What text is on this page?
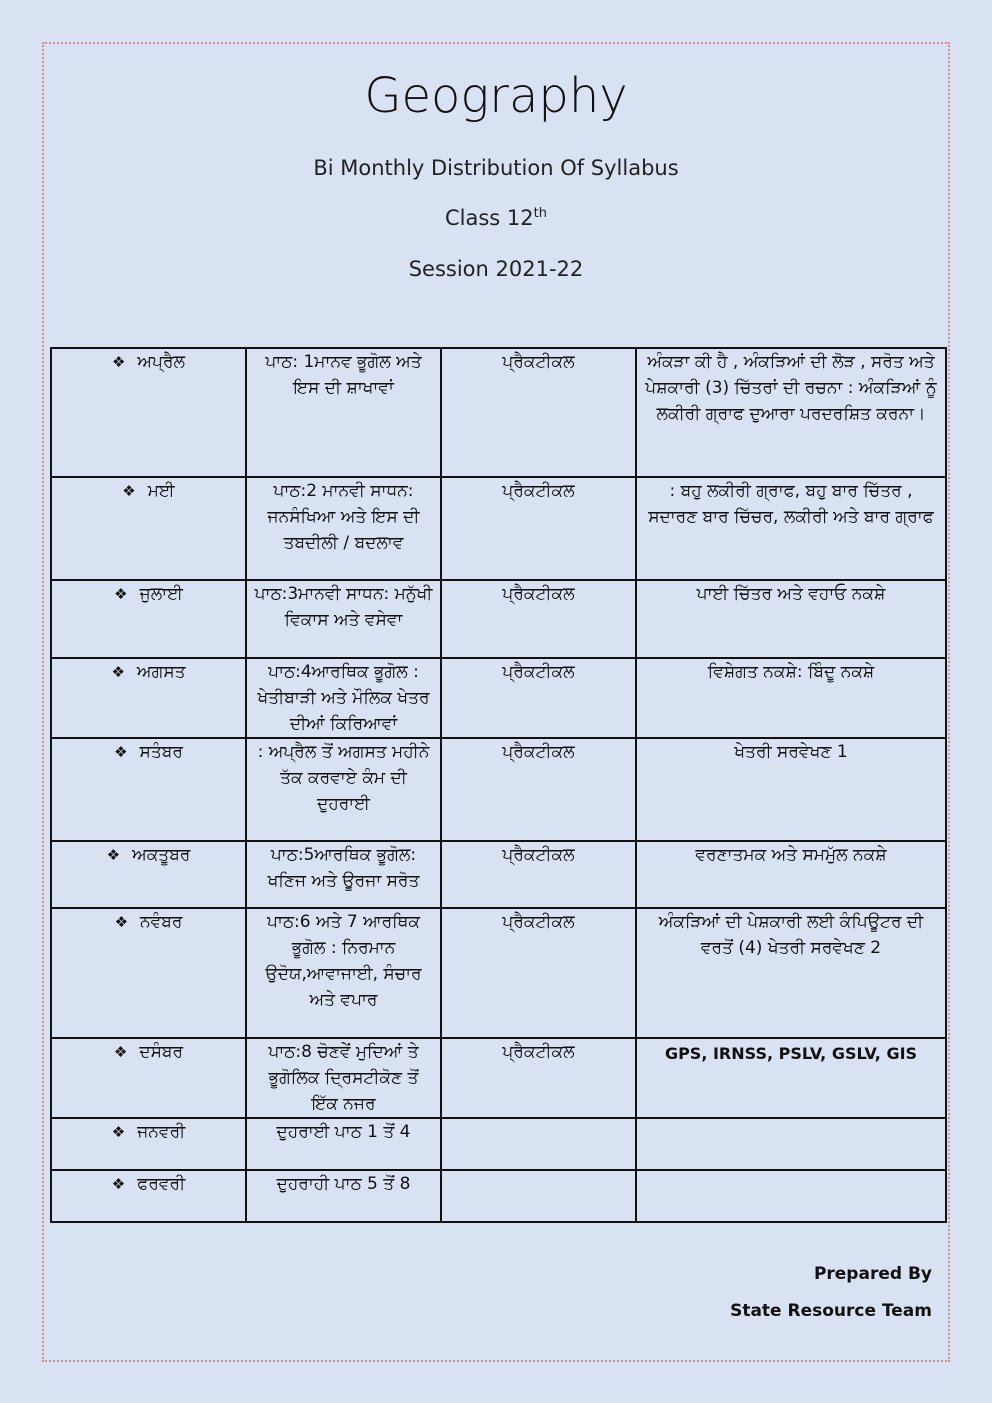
Geography
Bi Monthly Distribution Of Syllabus
Class 12th
Session 2021-22
❖ ਅਪ੍ਰੈਲ	ਪਾਠ: 1ਮਾਨਵ ਭੂਗੋਲ ਅਤੇ ਇਸ ਦੀ ਸ਼ਾਖਾਵਾਂ	ਪ੍ਰੈਕਟੀਕਲ	ਅੰਕੜਾ ਕੀ ਹੈ , ਅੰਕੜਿਆਂ ਦੀ ਲੋੜ , ਸਰੋਤ ਅਤੇ ਪੇਸ਼ਕਾਰੀ (3) ਚਿੱਤਰਾਂ ਦੀ ਰਚਨਾ : ਅੰਕੜਿਆਂ ਨੂੰ ਲਕੀਰੀ ਗ੍ਰਾਫ ਦੁਆਰਾ ਪਰਦਰਸ਼ਿਤ ਕਰਨਾ।
❖ ਮਈ	ਪਾਠ:2 ਮਾਨਵੀ ਸਾਧਨ: ਜਨਸੰਖਿਆ ਅਤੇ ਇਸ ਦੀ ਤਬਦੀਲੀ / ਬਦਲਾਵ	ਪ੍ਰੈਕਟੀਕਲ	: ਬਹੁ ਲਕੀਰੀ ਗ੍ਰਾਫ, ਬਹੁ ਬਾਰ ਚਿੱਤਰ , ਸਦਾਰਣ ਬਾਰ ਚਿੱਚਰ, ਲਕੀਰੀ ਅਤੇ ਬਾਰ ਗ੍ਰਾਫ
❖ ਜੁਲਾਈ	ਪਾਠ:3ਮਾਨਵੀ ਸਾਧਨ: ਮਨੁੱਖੀ ਵਿਕਾਸ ਅਤੇ ਵਸੇਵਾ	ਪ੍ਰੈਕਟੀਕਲ	ਪਾਈ ਚਿੱਤਰ ਅਤੇ ਵਹਾਓ ਨਕਸ਼ੇ
❖ ਅਗਸਤ	ਪਾਠ:4ਆਰਥਿਕ ਭੂਗੋਲ : ਖੇਤੀਬਾੜੀ ਅਤੇ ਮੌਲਿਕ ਖੇਤਰ ਦੀਆਂ ਕਿਰਿਆਵਾਂ	ਪ੍ਰੈਕਟੀਕਲ	ਵਿਸ਼ੇਗਤ ਨਕਸ਼ੇ: ਬਿੰਦੂ ਨਕਸ਼ੇ
❖ ਸਤੰਬਰ	: ਅਪ੍ਰੈਲ ਤੋਂ ਅਗਸਤ ਮਹੀਨੇ ਤੱਕ ਕਰਵਾਏ ਕੰਮ ਦੀ ਦੁਹਰਾਈ	ਪ੍ਰੈਕਟੀਕਲ	ਖੇਤਰੀ ਸਰਵੇਖਣ 1
❖ ਅਕਤੂਬਰ	ਪਾਠ:5ਆਰਥਿਕ ਭੂਗੋਲ: ਖਣਿਜ ਅਤੇ ਊਰਜਾ ਸਰੋਤ	ਪ੍ਰੈਕਟੀਕਲ	ਵਰਣਾਤਮਕ ਅਤੇ ਸਮਮੁੱਲ ਨਕਸ਼ੇ
❖ ਨਵੰਬਰ	ਪਾਠ:6 ਅਤੇ 7 ਆਰਥਿਕ ਭੂਗੋਲ : ਨਿਰਮਾਨ ਉਦੋਯ,ਆਵਾਜਾਈ, ਸੰਚਾਰ ਅਤੇ ਵਪਾਰ	ਪ੍ਰੈਕਟੀਕਲ	ਅੰਕੜਿਆਂ ਦੀ ਪੇਸ਼ਕਾਰੀ ਲਈ ਕੰਪਿਊਟਰ ਦੀ ਵਰਤੋਂ (4) ਖੇਤਰੀ ਸਰਵੇਖਣ 2
❖ ਦਸੰਬਰ	ਪਾਠ:8 ਚੋਣਵੇਂ ਮੁਦਿਆਂ ਤੇ ਭੂਗੋਲਿਕ ਦ੍ਰਿਸਟੀਕੋਣ ਤੋਂ ਇੱਕ ਨਜਰ	ਪ੍ਰੈਕਟੀਕਲ	GPS, IRNSS, PSLV, GSLV, GIS
❖ ਜਨਵਰੀ	ਦੁਹਰਾਈ ਪਾਠ 1 ਤੋਂ 4		
❖ ਫਰਵਰੀ	ਦੁਹਰਾਹੀ ਪਾਠ 5 ਤੋਂ 8		
Prepared By
State Resource Team
